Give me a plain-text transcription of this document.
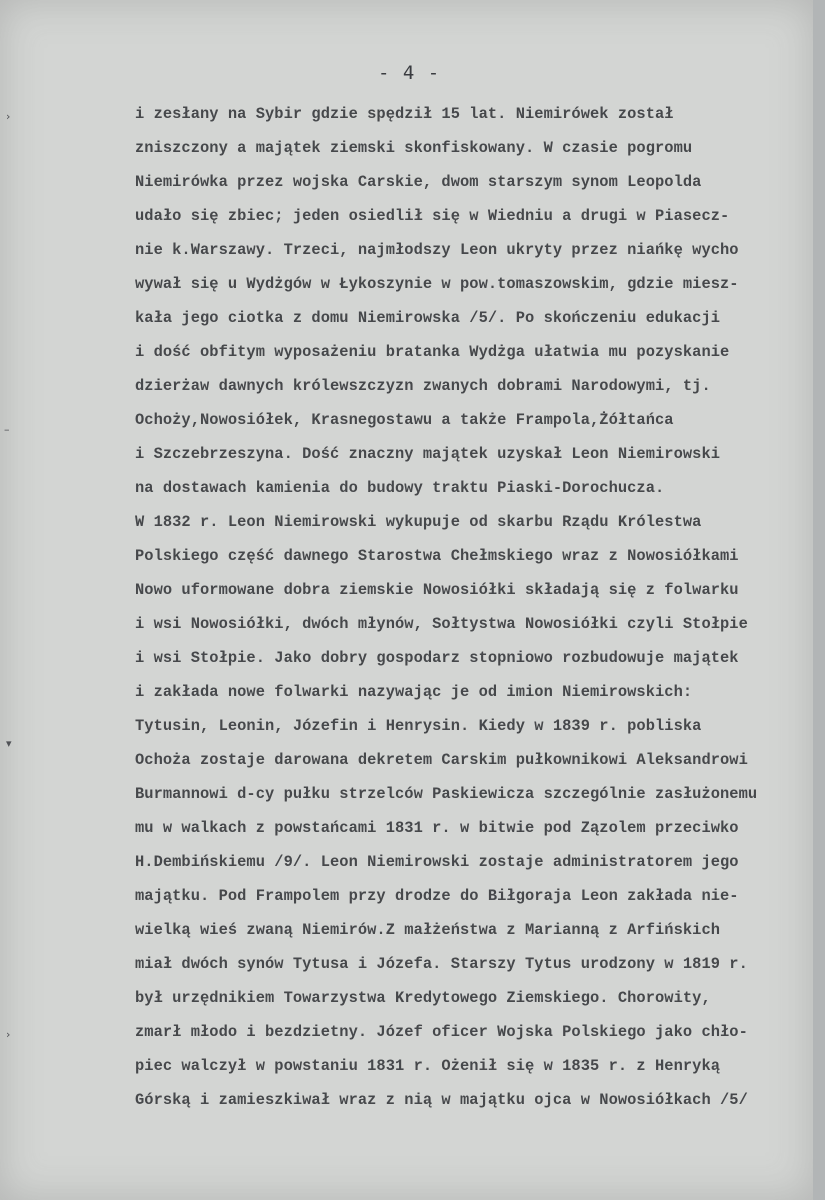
- 4 -
›
–
▾
›
i zesłany na Sybir gdzie spędził 15 lat. Niemirówek został
zniszczony a majątek ziemski skonfiskowany. W czasie pogromu
Niemirówka przez wojska Carskie, dwom starszym synom Leopolda
udało się zbiec; jeden osiedlił się w Wiedniu a drugi w Piasecz-
nie k.Warszawy. Trzeci, najmłodszy Leon ukryty przez niańkę wycho
wywał się u Wydżgów w Łykoszynie w pow.tomaszowskim, gdzie miesz-
kała jego ciotka z domu Niemirowska /5/. Po skończeniu edukacji
i dość obfitym wyposażeniu bratanka Wydżga ułatwia mu pozyskanie
dzierżaw dawnych królewszczyzn zwanych dobrami Narodowymi, tj.
Ochoży,Nowosiółek, Krasnegostawu a także Frampola,Żółtańca
i Szczebrzeszyna. Dość znaczny majątek uzyskał Leon Niemirowski
na dostawach kamienia do budowy traktu Piaski-Dorochucza.
W 1832 r. Leon Niemirowski wykupuje od skarbu Rządu Królestwa
Polskiego część dawnego Starostwa Chełmskiego wraz z Nowosiółkami
Nowo uformowane dobra ziemskie Nowosiółki składają się z folwarku
i wsi Nowosiółki, dwóch młynów, Sołtystwa Nowosiółki czyli Stołpie
i wsi Stołpie. Jako dobry gospodarz stopniowo rozbudowuje majątek
i zakłada nowe folwarki nazywając je od imion Niemirowskich:
Tytusin, Leonin, Józefin i Henrysin. Kiedy w 1839 r. pobliska
Ochoża zostaje darowana dekretem Carskim pułkownikowi Aleksandrowi
Burmannowi d-cy pułku strzelców Paskiewicza szczególnie zasłużonemu
mu w walkach z powstańcami 1831 r. w bitwie pod Zązolem przeciwko
H.Dembińskiemu /9/. Leon Niemirowski zostaje administratorem jego
majątku. Pod Frampolem przy drodze do Biłgoraja Leon zakłada nie-
wielką wieś zwaną Niemirów.Z małżeństwa z Marianną z Arfińskich
miał dwóch synów Tytusa i Józefa. Starszy Tytus urodzony w 1819 r.
był urzędnikiem Towarzystwa Kredytowego Ziemskiego. Chorowity,
zmarł młodo i bezdzietny. Józef oficer Wojska Polskiego jako chło-
piec walczył w powstaniu 1831 r. Ożenił się w 1835 r. z Henryką
Górską i zamieszkiwał wraz z nią w majątku ojca w Nowosiółkach /5/
